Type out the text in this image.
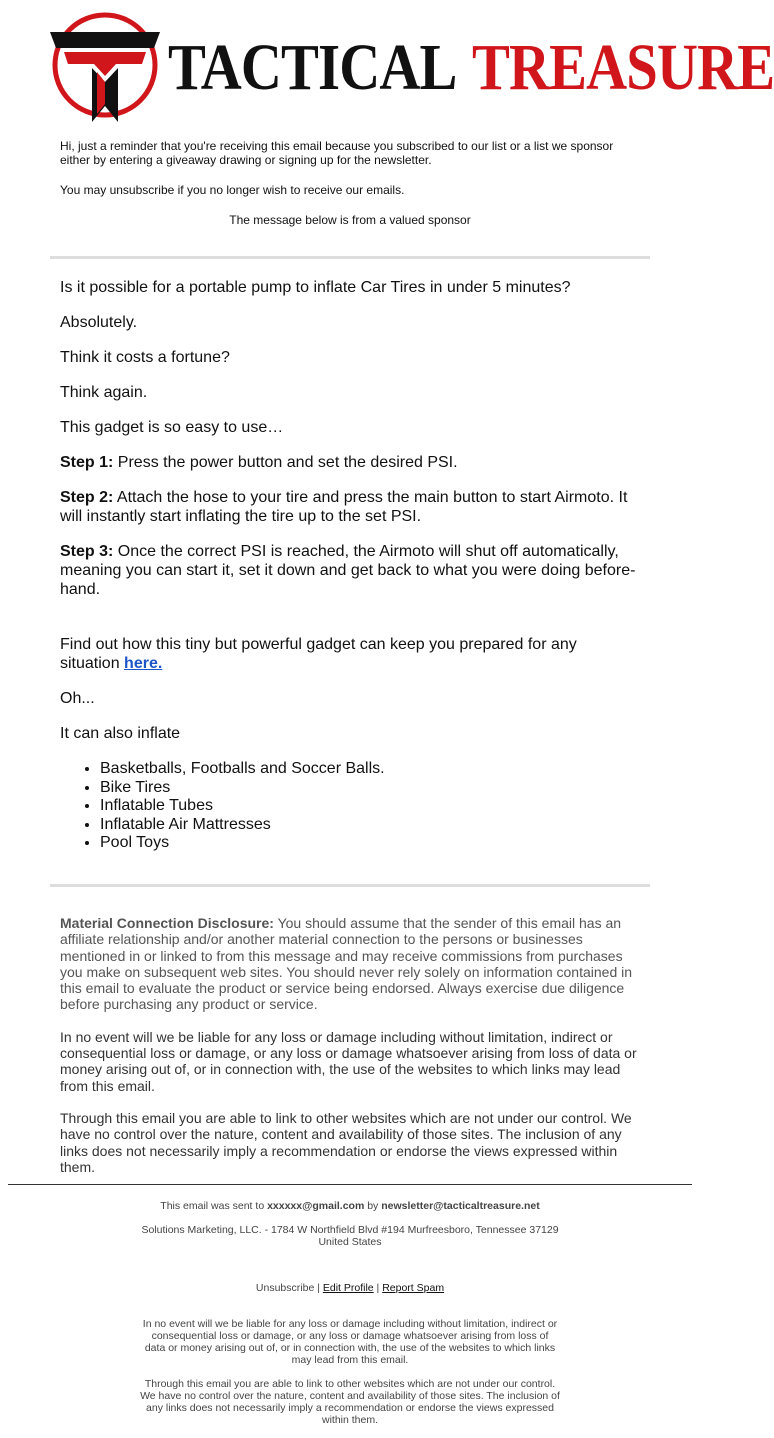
TACTICAL TREASURE

Hi, just a reminder that you're receiving this email because you subscribed to our list or a list we sponsor either by entering a giveaway drawing or signing up for the newsletter.

You may unsubscribe if you no longer wish to receive our emails.

The message below is from a valued sponsor

Is it possible for a portable pump to inflate Car Tires in under 5 minutes?

Absolutely.

Think it costs a fortune?

Think again.

This gadget is so easy to use…

Step 1: Press the power button and set the desired PSI.

Step 2: Attach the hose to your tire and press the main button to start Airmoto. It will instantly start inflating the tire up to the set PSI.

Step 3: Once the correct PSI is reached, the Airmoto will shut off automatically, meaning you can start it, set it down and get back to what you were doing before-hand.

Find out how this tiny but powerful gadget can keep you prepared for any situation here.

Oh...

It can also inflate

• Basketballs, Footballs and Soccer Balls.
• Bike Tires
• Inflatable Tubes
• Inflatable Air Mattresses
• Pool Toys

Material Connection Disclosure: You should assume that the sender of this email has an affiliate relationship and/or another material connection to the persons or businesses mentioned in or linked to from this message and may receive commissions from purchases you make on subsequent web sites. You should never rely solely on information contained in this email to evaluate the product or service being endorsed. Always exercise due diligence before purchasing any product or service.

In no event will we be liable for any loss or damage including without limitation, indirect or consequential loss or damage, or any loss or damage whatsoever arising from loss of data or money arising out of, or in connection with, the use of the websites to which links may lead from this email.

Through this email you are able to link to other websites which are not under our control. We have no control over the nature, content and availability of those sites. The inclusion of any links does not necessarily imply a recommendation or endorse the views expressed within them.

This email was sent to xxxxxx@gmail.com by newsletter@tacticaltreasure.net

Solutions Marketing, LLC. - 1784 W Northfield Blvd #194 Murfreesboro, Tennessee 37129 United States

Unsubscribe | Edit Profile | Report Spam

In no event will we be liable for any loss or damage including without limitation, indirect or consequential loss or damage, or any loss or damage whatsoever arising from loss of data or money arising out of, or in connection with, the use of the websites to which links may lead from this email.

Through this email you are able to link to other websites which are not under our control. We have no control over the nature, content and availability of those sites. The inclusion of any links does not necessarily imply a recommendation or endorse the views expressed within them.
